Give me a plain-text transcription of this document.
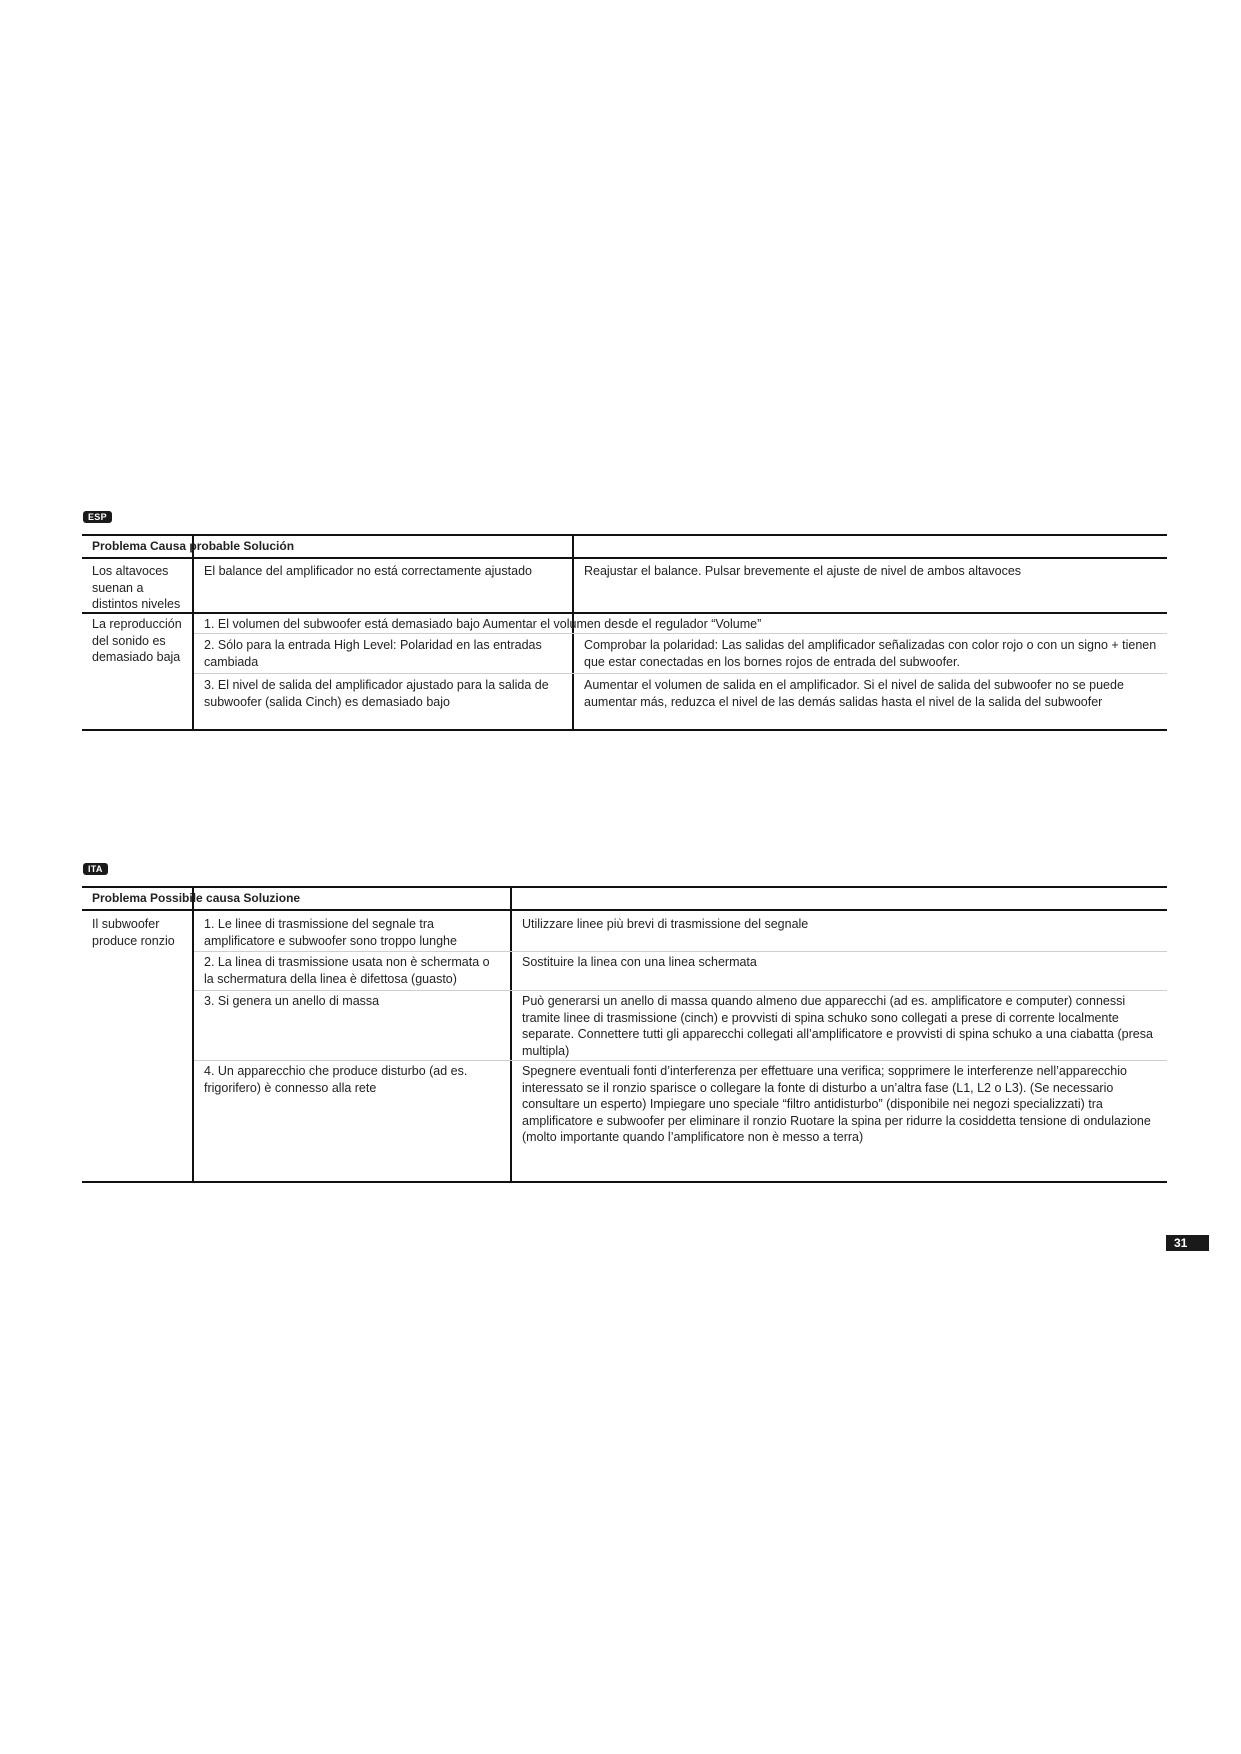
ESP
Problema Causa probable Solución
Los altavoces suenan a distintos niveles
El balance del amplificador no está correctamente ajustado	Reajustar el balance. Pulsar brevemente el ajuste de nivel de ambos altavoces
La reproducción del sonido es demasiado baja
1. El volumen del subwoofer está demasiado bajo Aumentar el volumen desde el regulador “Volume”
2. Sólo para la entrada High Level: Polaridad en las entradas cambiada
Comprobar la polaridad: Las salidas del amplificador señalizadas con color rojo o con un signo + tienen que estar conectadas en los bornes rojos de entrada del subwoofer.
3. El nivel de salida del amplificador ajustado para la salida de subwoofer (salida Cinch) es demasiado bajo
Aumentar el volumen de salida en el amplificador. Si el nivel de salida del subwoofer no se puede aumentar más, reduzca el nivel de las demás salidas hasta el nivel de la salida del subwoofer
ITA
Problema Possibile causa Soluzione
Il subwoofer produce ronzio
1. Le linee di trasmissione del segnale tra amplificatore e subwoofer sono troppo lunghe
Utilizzare linee più brevi di trasmissione del segnale
2. La linea di trasmissione usata non è schermata o la schermatura della linea è difettosa (guasto)
Sostituire la linea con una linea schermata
3. Si genera un anello di massa	Può generarsi un anello di massa quando almeno due apparecchi (ad es. amplificatore e computer) connessi tramite linee di trasmissione (cinch) e provvisti di spina schuko sono collegati a prese di corrente localmente separate. Connettere tutti gli apparecchi collegati all’amplificatore e provvisti di spina schuko a una ciabatta (presa multipla)
4. Un apparecchio che produce disturbo (ad es. frigorifero) è connesso alla rete
Spegnere eventuali fonti d’interferenza per effettuare una verifica; sopprimere le interferenze nell’apparecchio interessato se il ronzio sparisce o collegare la fonte di disturbo a un’altra fase (L1, L2 o L3). (Se necessario consultare un esperto) Impiegare uno speciale “filtro antidisturbo” (disponibile nei negozi specializzati) tra amplificatore e subwoofer per eliminare il ronzio Ruotare la spina per ridurre la cosiddetta tensione di ondulazione (molto importante quando l’amplificatore non è messo a terra)
31
